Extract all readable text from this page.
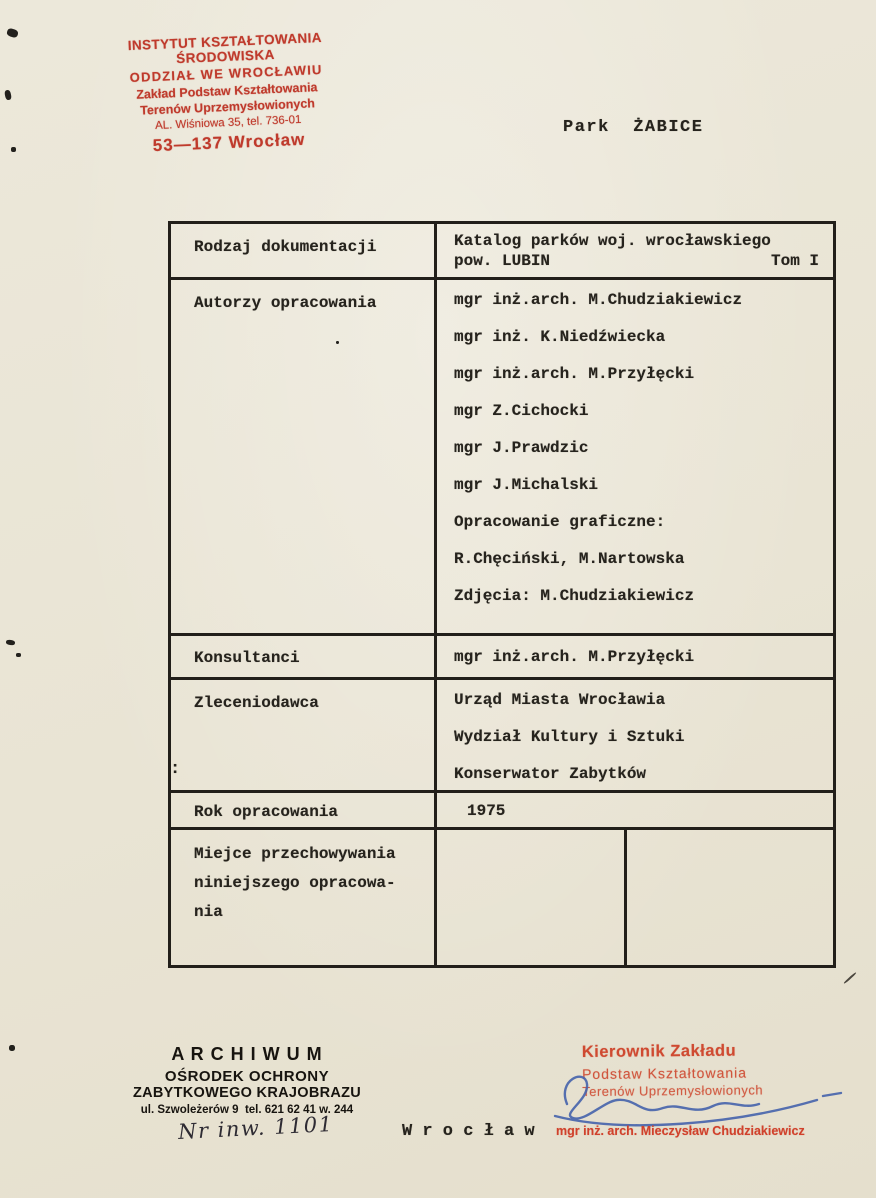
INSTYTUT KSZTAŁTOWANIA ŚRODOWISKA
ODDZIAŁ WE WROCŁAWIU
Zakład Podstaw Kształtowania
Terenów Uprzemysłowionych
AL. Wiśniowa 35, tel. 736-01
53—137 Wrocław
Park  ŻABICE
Rodzaj dokumentacji	Katalog parków woj. wrocławskiego
pow. LUBIN	Tom I
Autorzy opracowania	mgr inż.arch. M.Chudziakiewicz
mgr inż. K.Niedźwiecka
mgr inż.arch. M.Przyłęcki
mgr Z.Cichocki
mgr J.Prawdzic
mgr J.Michalski
Opracowanie graficzne:
R.Chęciński, M.Nartowska
Zdjęcia: M.Chudziakiewicz
Konsultanci	mgr inż.arch. M.Przyłęcki
Zleceniodawca	Urząd Miasta Wrocławia
Wydział Kultury i Sztuki
Konserwator Zabytków
Rok opracowania	1975
Miejce przechowywania
niniejszego opracowa-
nia
:
A R C H I W U M
OŚRODEK OCHRONY
ZABYTKOWEGO KRAJOBRAZU
ul. Szwoleżerów 9  tel. 621 62 41 w. 244
Nr inw. 1101	W r o c ł a w
Kierownik Zakładu
Podstaw Kształtowania
Terenów Uprzemysłowionych
mgr inż. arch. Mieczysław Chudziakiewicz
